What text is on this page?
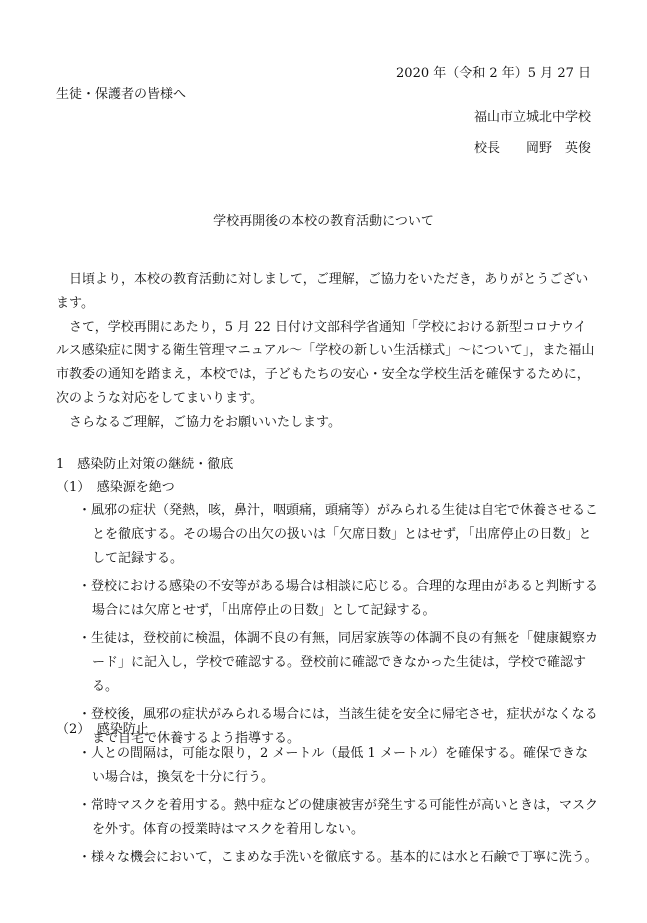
2020 年（令和 2 年）5 月 27 日
生徒・保護者の皆様へ
福山市立城北中学校
校長　　岡野　英俊
学校再開後の本校の教育活動について

日頃より，本校の教育活動に対しまして，ご理解，ご協力をいただき，ありがとうございます。

さて，学校再開にあたり，5 月 22 日付け文部科学省通知「学校における新型コロナウイルス感染症に関する衛生管理マニュアル〜「学校の新しい生活様式」〜について」，また福山市教委の通知を踏まえ，本校では，子どもたちの安心・安全な学校生活を確保するために，次のような対応をしてまいります。

さらなるご理解，ご協力をお願いいたします。

1　感染防止対策の継続・徹底
（1）　感染源を絶つ
・風邪の症状（発熱，咳，鼻汁，咽頭痛，頭痛等）がみられる生徒は自宅で休養させることを徹底する。その場合の出欠の扱いは「欠席日数」とはせず，「出席停止の日数」として記録する。
・登校における感染の不安等がある場合は相談に応じる。合理的な理由があると判断する場合には欠席とせず，「出席停止の日数」として記録する。
・生徒は，登校前に検温，体調不良の有無，同居家族等の体調不良の有無を「健康観察カード」に記入し，学校で確認する。登校前に確認できなかった生徒は，学校で確認する。
・登校後，風邪の症状がみられる場合には，当該生徒を安全に帰宅させ，症状がなくなるまで自宅で休養するよう指導する。
（2）　感染防止
・人との間隔は，可能な限り，2 メートル（最低 1 メートル）を確保する。確保できない場合は，換気を十分に行う。
・常時マスクを着用する。熱中症などの健康被害が発生する可能性が高いときは，マスクを外す。体育の授業時はマスクを着用しない。
・様々な機会において，こまめな手洗いを徹底する。基本的には水と石鹸で丁寧に洗う。
